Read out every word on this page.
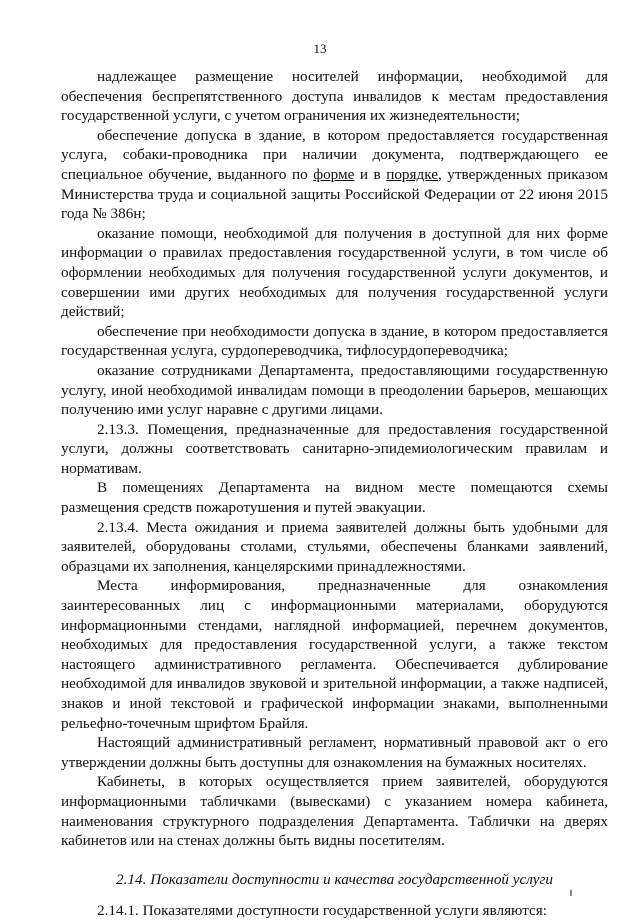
13

надлежащее размещение носителей информации, необходимой для обеспечения беспрепятственного доступа инвалидов к местам предоставления государственной услуги, с учетом ограничения их жизнедеятельности;

обеспечение допуска в здание, в котором предоставляется государственная услуга, собаки-проводника при наличии документа, подтверждающего ее специальное обучение, выданного по форме и в порядке, утвержденных приказом Министерства труда и социальной защиты Российской Федерации от 22 июня 2015 года № 386н;

оказание помощи, необходимой для получения в доступной для них форме информации о правилах предоставления государственной услуги, в том числе об оформлении необходимых для получения государственной услуги документов, и совершении ими других необходимых для получения государственной услуги действий;

обеспечение при необходимости допуска в здание, в котором предоставляется государственная услуга, сурдопереводчика, тифлосурдопереводчика;

оказание сотрудниками Департамента, предоставляющими государственную услугу, иной необходимой инвалидам помощи в преодолении барьеров, мешающих получению ими услуг наравне с другими лицами.

2.13.3. Помещения, предназначенные для предоставления государственной услуги, должны соответствовать санитарно-эпидемиологическим правилам и нормативам.

В помещениях Департамента на видном месте помещаются схемы размещения средств пожаротушения и путей эвакуации.

2.13.4. Места ожидания и приема заявителей должны быть удобными для заявителей, оборудованы столами, стульями, обеспечены бланками заявлений, образцами их заполнения, канцелярскими принадлежностями.

Места информирования, предназначенные для ознакомления заинтересованных лиц с информационными материалами, оборудуются информационными стендами, наглядной информацией, перечнем документов, необходимых для предоставления государственной услуги, а также текстом настоящего административного регламента. Обеспечивается дублирование необходимой для инвалидов звуковой и зрительной информации, а также надписей, знаков и иной текстовой и графической информации знаками, выполненными рельефно-точечным шрифтом Брайля.

Настоящий административный регламент, нормативный правовой акт о его утверждении должны быть доступны для ознакомления на бумажных носителях.

Кабинеты, в которых осуществляется прием заявителей, оборудуются информационными табличками (вывесками) с указанием номера кабинета, наименования структурного подразделения Департамента. Таблички на дверях кабинетов или на стенах должны быть видны посетителям.

2.14. Показатели доступности и качества государственной услуги

2.14.1. Показателями доступности государственной услуги являются:
